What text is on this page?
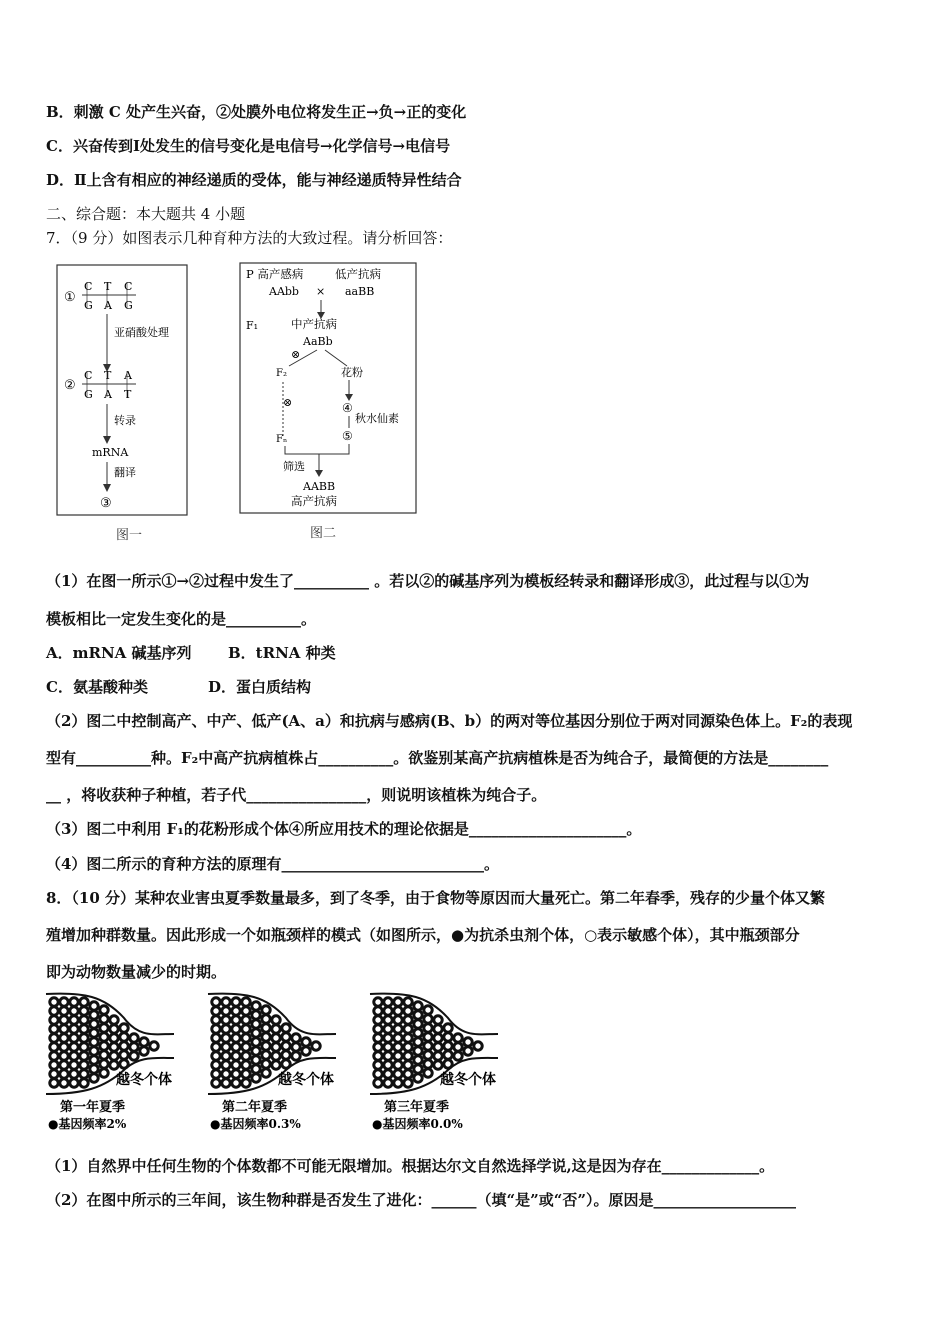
B．刺激 C 处产生兴奋，②处膜外电位将发生正→负→正的变化
C．兴奋传到Ⅰ处发生的信号变化是电信号→化学信号→电信号
D．Ⅱ上含有相应的神经递质的受体，能与神经递质特异性结合
二、综合题：本大题共 4 小题
7．（9 分）如图表示几种育种方法的大致过程。请分析回答：
①
C T C
G A G
亚硝酸处理
②
C T A
G A T
转录
mRNA
翻译
③
图一
P 高产感病	低产抗病
AAbb × aaBB
F₁	中产抗病
AaBb
⊗
F₂	花粉
⊗	④
秋水仙素
⑤
Fₙ
筛选
AABB
高产抗病
图二
（1）在图一所示①→②过程中发生了__________ 。若以②的碱基序列为模板经转录和翻译形成③，此过程与以①为
模板相比一定发生变化的是__________。
A．mRNA 碱基序列 B．tRNA 种类
C．氨基酸种类	D．蛋白质结构
（2）图二中控制高产、中产、低产(A、a）和抗病与感病(B、b）的两对等位基因分别位于两对同源染色体上。F₂的表现
型有__________种。F₂中高产抗病植株占__________。欲鉴别某高产抗病植株是否为纯合子，最简便的方法是________
__ ，将收获种子种植，若子代________________，则说明该植株为纯合子。
（3）图二中利用 F₁的花粉形成个体④所应用技术的理论依据是_____________________。
（4）图二所示的育种方法的原理有___________________________。
8．（10 分）某种农业害虫夏季数量最多，到了冬季，由于食物等原因而大量死亡。第二年春季，残存的少量个体又繁
殖增加种群数量。因此形成一个如瓶颈样的模式（如图所示，●为抗杀虫剂个体，○表示敏感个体），其中瓶颈部分
即为动物数量减少的时期。
越冬个体	越冬个体	越冬个体
第一年夏季	第二年夏季	第三年夏季
●基因频率2%	●基因频率0.3%	●基因频率0.0%
（1）自然界中任何生物的个体数都不可能无限增加。根据达尔文自然选择学说,这是因为存在_____________。
（2）在图中所示的三年间，该生物种群是否发生了进化：______（填“是”或“否”）。原因是___________________
